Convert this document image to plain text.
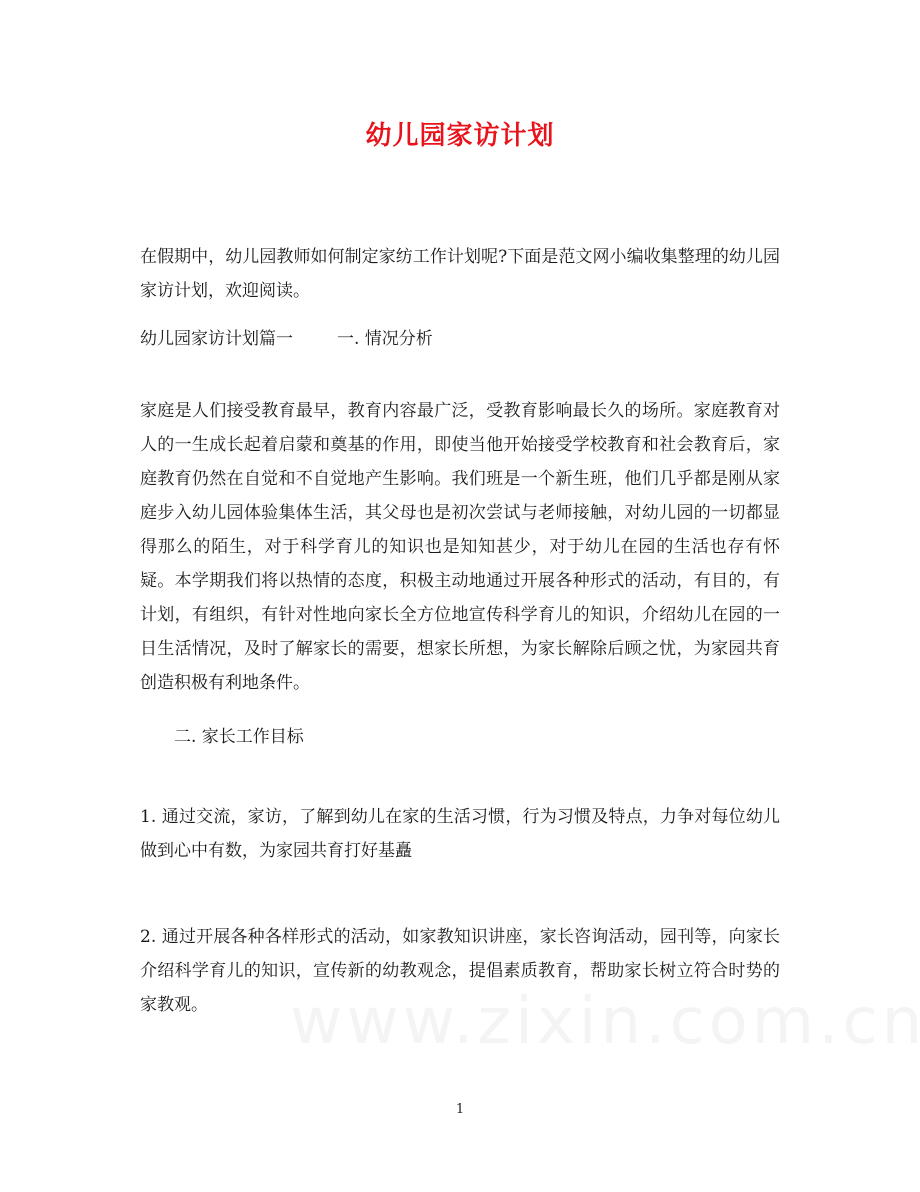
幼儿园家访计划

在假期中，幼儿园教师如何制定家纺工作计划呢?下面是范文网小编收集整理的幼儿园家访计划，欢迎阅读。

幼儿园家访计划篇一	一. 情况分析

家庭是人们接受教育最早，教育内容最广泛，受教育影响最长久的场所。家庭教育对人的一生成长起着启蒙和奠基的作用，即使当他开始接受学校教育和社会教育后，家庭教育仍然在自觉和不自觉地产生影响。我们班是一个新生班，他们几乎都是刚从家庭步入幼儿园体验集体生活，其父母也是初次尝试与老师接触，对幼儿园的一切都显得那么的陌生，对于科学育儿的知识也是知知甚少，对于幼儿在园的生活也存有怀疑。本学期我们将以热情的态度，积极主动地通过开展各种形式的活动，有目的，有计划，有组织，有针对性地向家长全方位地宣传科学育儿的知识，介绍幼儿在园的一日生活情况，及时了解家长的需要，想家长所想，为家长解除后顾之忧，为家园共育创造积极有利地条件。

二. 家长工作目标

1. 通过交流，家访，了解到幼儿在家的生活习惯，行为习惯及特点，力争对每位幼儿做到心中有数，为家园共育打好基矗

2. 通过开展各种各样形式的活动，如家教知识讲座，家长咨询活动，园刊等，向家长介绍科学育儿的知识，宣传新的幼教观念，提倡素质教育，帮助家长树立符合时势的家教观。

1
